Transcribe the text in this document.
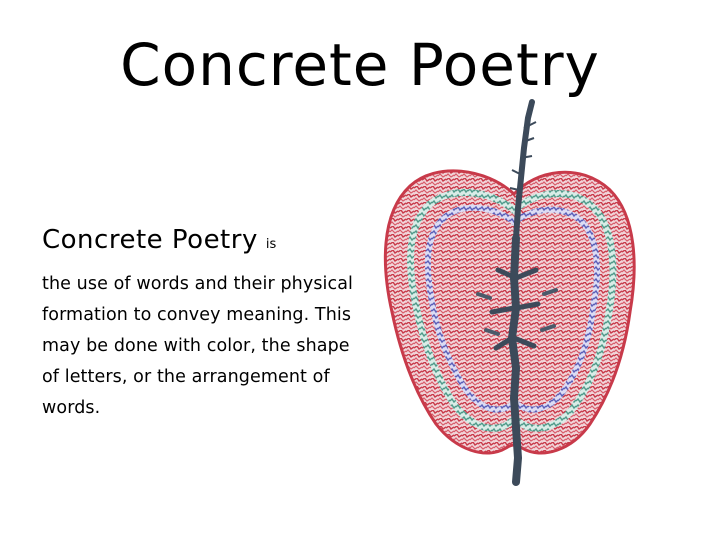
Concrete Poetry
Concrete Poetry is
the use of words and their physical formation to convey meaning. This may be done with color, the shape of letters, or the arrangement of words.
